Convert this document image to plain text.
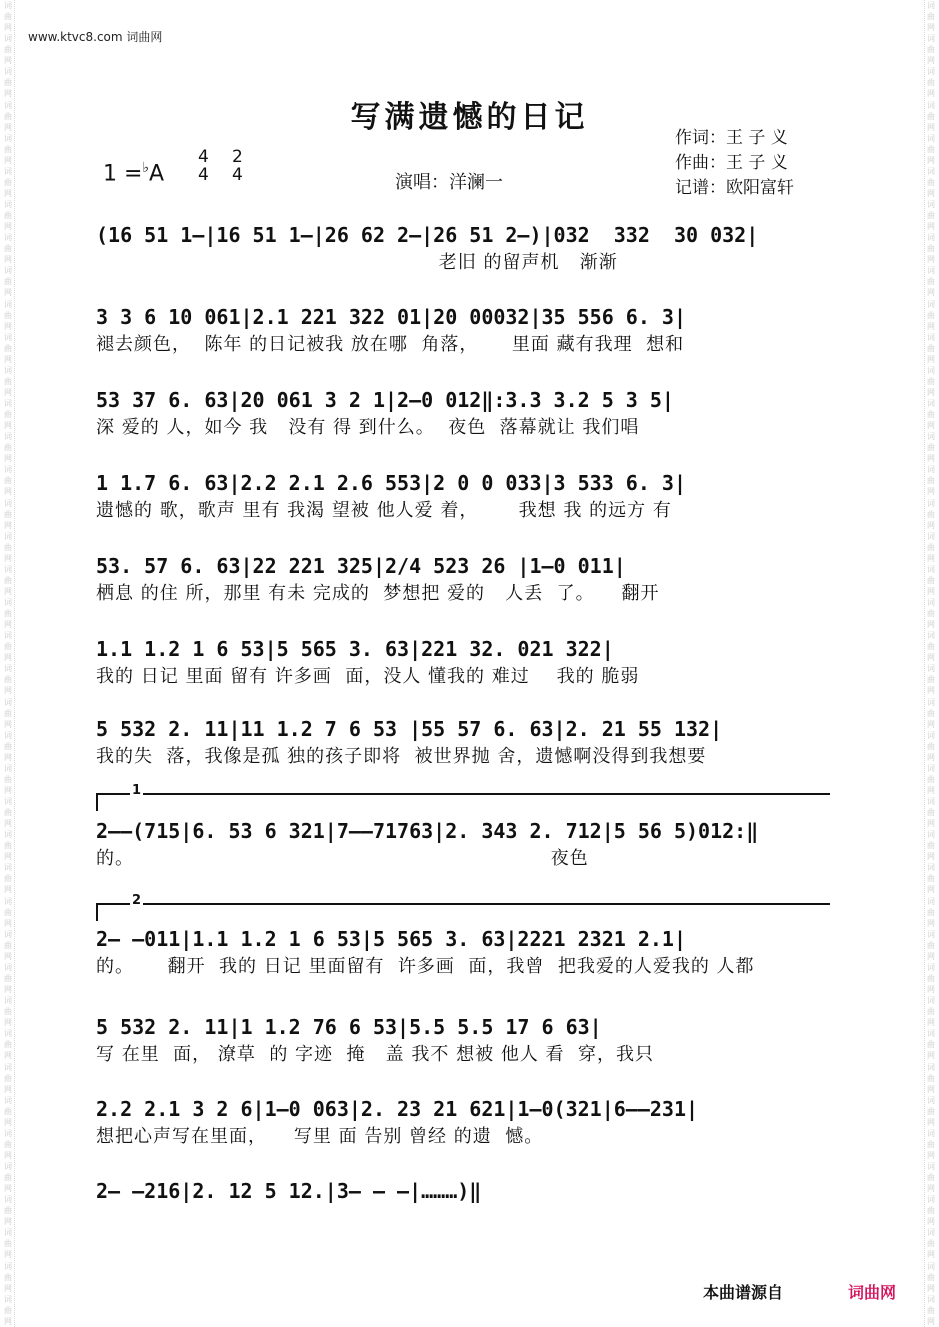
词
曲
网
词
曲
网
词
曲
网
词
曲
网
词
曲
网
词
曲
网
词
曲
网
词
曲
网
词
曲
网
词
曲
网
词
曲
网
词
曲
网
词
曲
网
词
曲
网
词
曲
网
词
曲
网
词
曲
网
词
曲
网
词
曲
网
词
曲
网
词
曲
网
词
曲
网
词
曲
网
词
曲
网
词
曲
网
词
曲
网
词
曲
网
词
曲
网
词
曲
网
词
曲
网
词
曲
网
词
曲
网
词
曲
网
词
曲
网
词
曲
网
词
曲
网
词
曲
网
词
曲
网
词
曲
网
词
曲
网
词
曲
网
词
曲
网
词
曲
网
词
曲
网
词
曲
网
词
曲
网
词
曲
网
词
曲
网
词
曲
网
词
曲
网
词
曲
网
词
曲
网
词
曲
网
词
曲
网
词
曲
网
词
曲
网
词
曲
网
词
曲
网
词
曲
网
词
曲
网
词
曲
网
词
曲
网
词
曲
网
词
曲
网
词
曲
网
词
曲
网
词
曲
网
词
曲
网
词
曲
网
词
曲
网
词
曲
网
词
曲
网
词
曲
网
词
曲
网
词
曲
网
词
曲
网
词
曲
网
词
曲
网
词
曲
网
词
曲
网
www.ktvc8.com 词曲网
写满遗憾的日记
作词：王 子 义
作曲：王 子 义
记谱：欧阳富轩
1 =♭A
4
4
2
4	演唱：洋澜一
(16 51 1—|16 51 1—|26 62 2—|26 51 2—)|032  332  30 032|
老旧 的留声机   渐渐
3 3 6 10 061|2.1 221 322 01|20 00032|35 556 6. 3|
褪去颜色，  陈年 的日记被我 放在哪  角落，     里面 藏有我理  想和
53 37 6. 63|20 061 3 2 1|2—0 012‖:3.3 3.2 5 3 5|
深 爱的 人，如今 我   没有 得 到什么。  夜色  落幕就让 我们唱
1 1.7 6. 63|2.2 2.1 2.6 553|2 0 0 033|3 533 6. 3|
遗憾的 歌，歌声 里有 我渴 望被 他人爱 着，      我想 我 的远方 有
53. 57 6. 63|22 221 325|2/4 523 26 |1—0 011|
栖息 的住 所，那里 有未 完成的  梦想把 爱的   人丢  了。    翻开
1.1 1.2 1 6 53|5 565 3. 63|221 32. 021 322|
我的 日记 里面 留有 许多画  面，没人 懂我的 难过    我的 脆弱
5 532 2. 11|11 1.2 7 6 53 |55 57 6. 63|2. 21 55 132|
我的失  落，我像是孤 独的孩子即将  被世界抛 舍，遗憾啊没得到我想要
1
2——(715|6. 53 6 321|7——71763|2. 343 2. 712|5 56 5)012:‖
的。                                                              夜色
2
2— —011|1.1 1.2 1 6 53|5 565 3. 63|2221 2321 2.1|
的。     翻开  我的 日记 里面留有  许多画  面，我曾  把我爱的人爱我的 人都
5 532 2. 11|1 1.2 76 6 53|5.5 5.5 17 6 63|
写 在里  面， 潦草  的 字迹  掩   盖 我不 想被 他人 看  穿，我只
2.2 2.1 3 2 6|1—0 063|2. 23 21 621|1—0(321|6——231|
想把心声写在里面，    写里 面 告别 曾经 的遗  憾。
2— —216|2. 12 5 12.|3— — —|………)‖
本曲谱源自	词曲网
